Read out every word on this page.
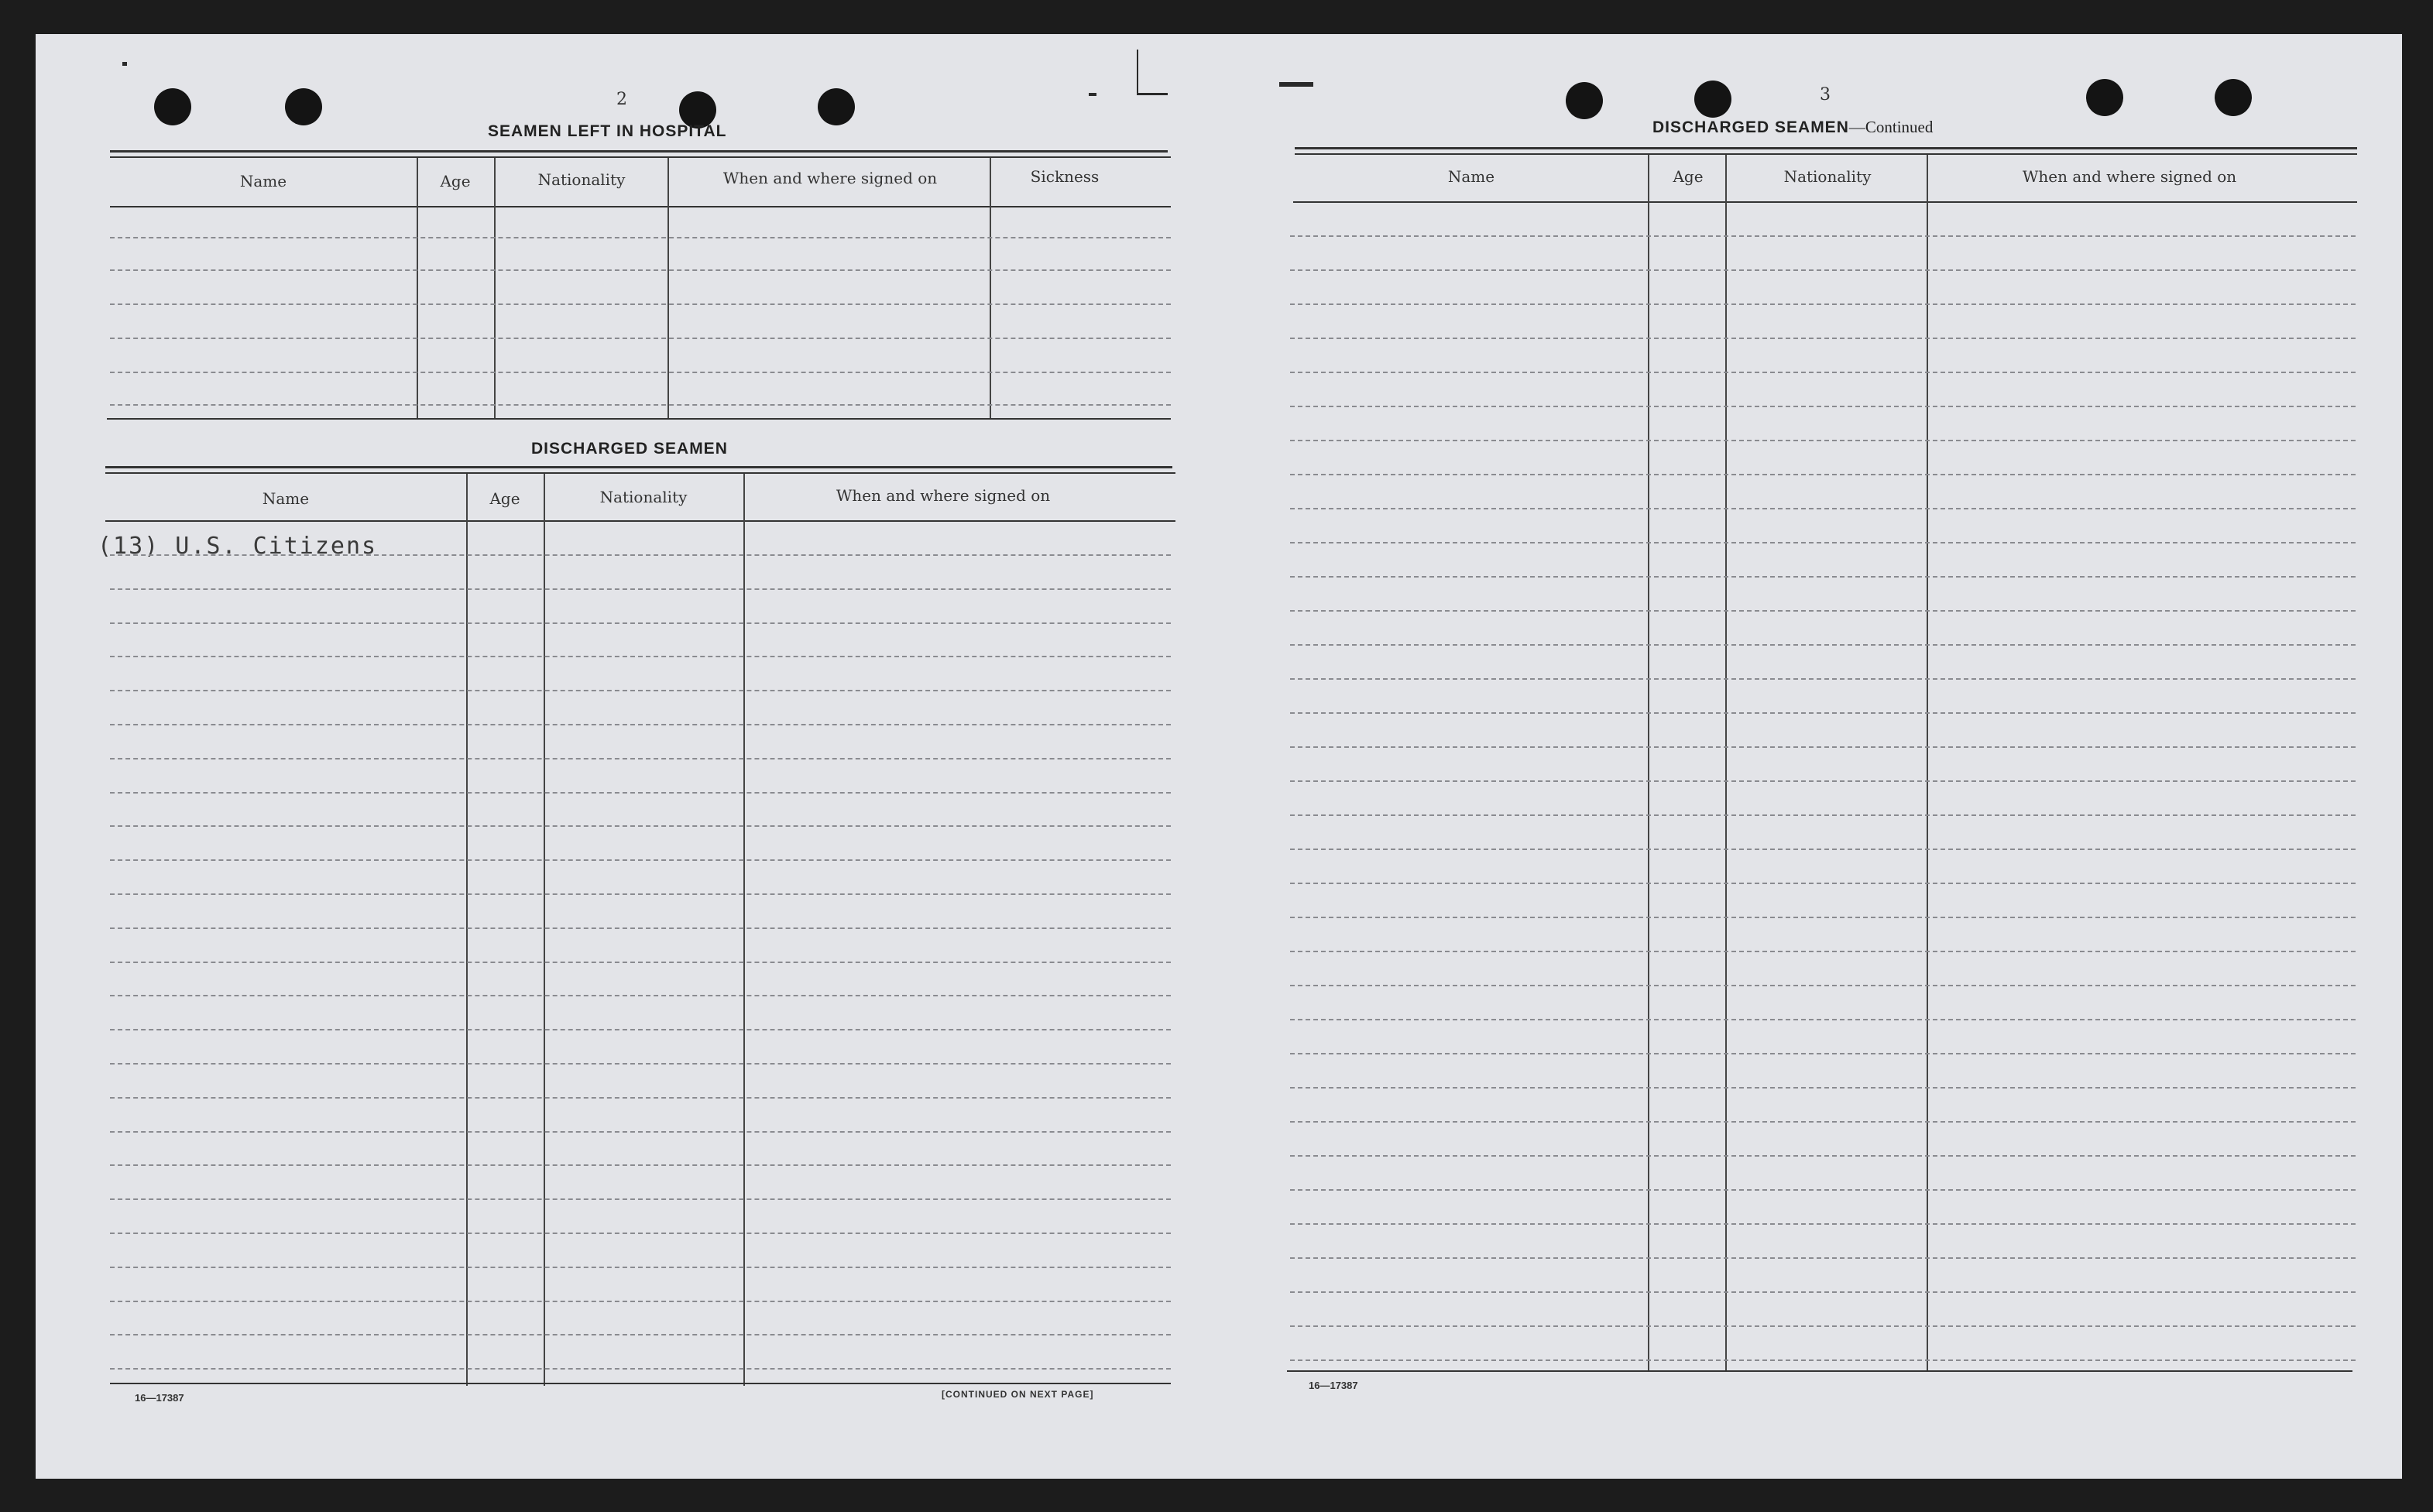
2
SEAMEN LEFT IN HOSPITAL
Name	Age	Nationality	When and where signed on	Sickness
DISCHARGED SEAMEN
Name	Age	Nationality	When and where signed on
(13) U.S. Citizens
16—17387	[CONTINUED ON NEXT PAGE]
3
DISCHARGED SEAMEN—Continued
Name	Age	Nationality	When and where signed on
16—17387
